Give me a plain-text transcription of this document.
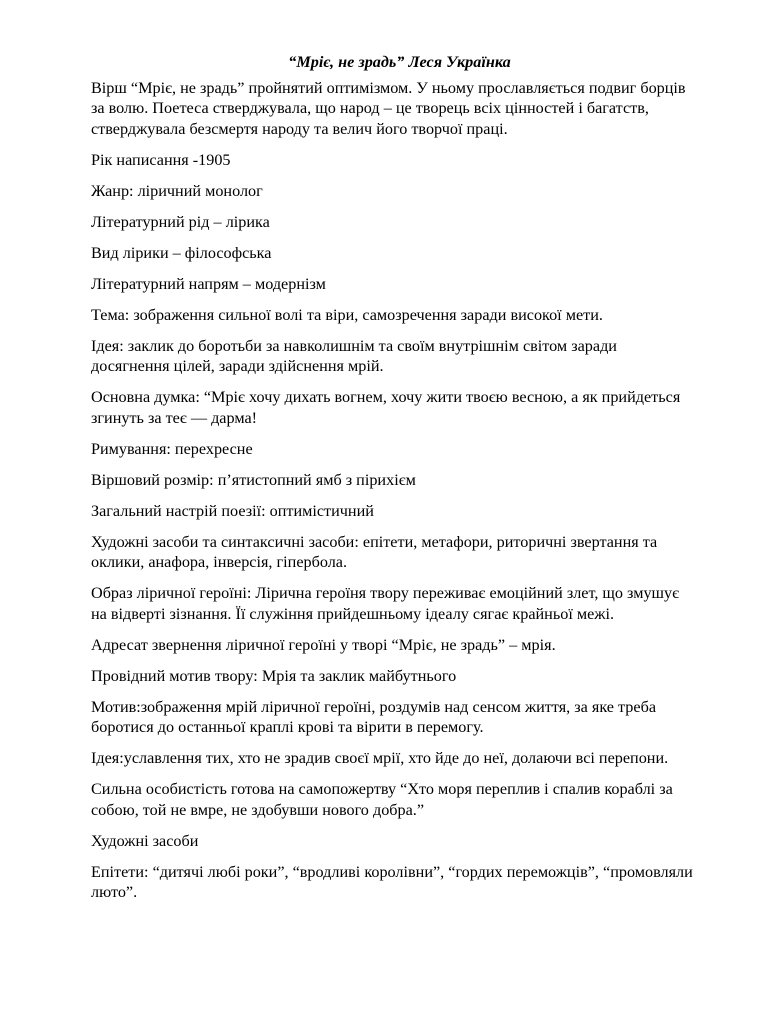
“Мріє, не зрадь” Леся Українка

Вірш “Мріє, не зрадь” пройнятий оптимізмом. У ньому прославляється подвиг борців за волю. Поетеса стверджувала, що народ – це творець всіх цінностей і багатств, стверджувала безсмертя народу та велич його творчої праці.

Рік написання -1905

Жанр: ліричний монолог

Літературний рід – лірика

Вид лірики – філософська

Літературний напрям – модернізм

Тема: зображення сильної волі та віри, самозречення заради високої мети.

Ідея: заклик до боротьби за навколишнім та своїм внутрішнім світом заради досягнення цілей, заради здійснення мрій.

Основна думка: “Мріє хочу дихать вогнем, хочу жити твоєю весною, а як прийдеться згинуть за теє — дарма!

Римування: перехресне

Віршовий розмір: п’ятистопний ямб з пірихієм

Загальний настрій поезії: оптимістичний

Художні засоби та синтаксичні засоби: епітети, метафори, риторичні звертання та оклики, анафора, інверсія, гіпербола.

Образ ліричної героїні: Лірична героїня твору переживає емоційний злет, що змушує на відверті зізнання. Її служіння прийдешньому ідеалу сягає крайньої межі.

Адресат звернення ліричної героїні у творі “Мріє, не зрадь” – мрія.

Провідний мотив твору: Мрія та заклик майбутнього

Мотив:зображення мрій ліричної героїні, роздумів над сенсом життя, за яке треба боротися до останньої краплі крові та вірити в перемогу.

Ідея:уславлення тих, хто не зрадив своєї мрії, хто йде до неї, долаючи всі перепони.

Сильна особистість готова на самопожертву “Хто моря переплив і спалив кораблі за собою, той не вмре, не здобувши нового добра.”

Художні засоби

Епітети: “дитячі любі роки”, “вродливі королівни”, “гордих переможців”, “промовляли люто”.
